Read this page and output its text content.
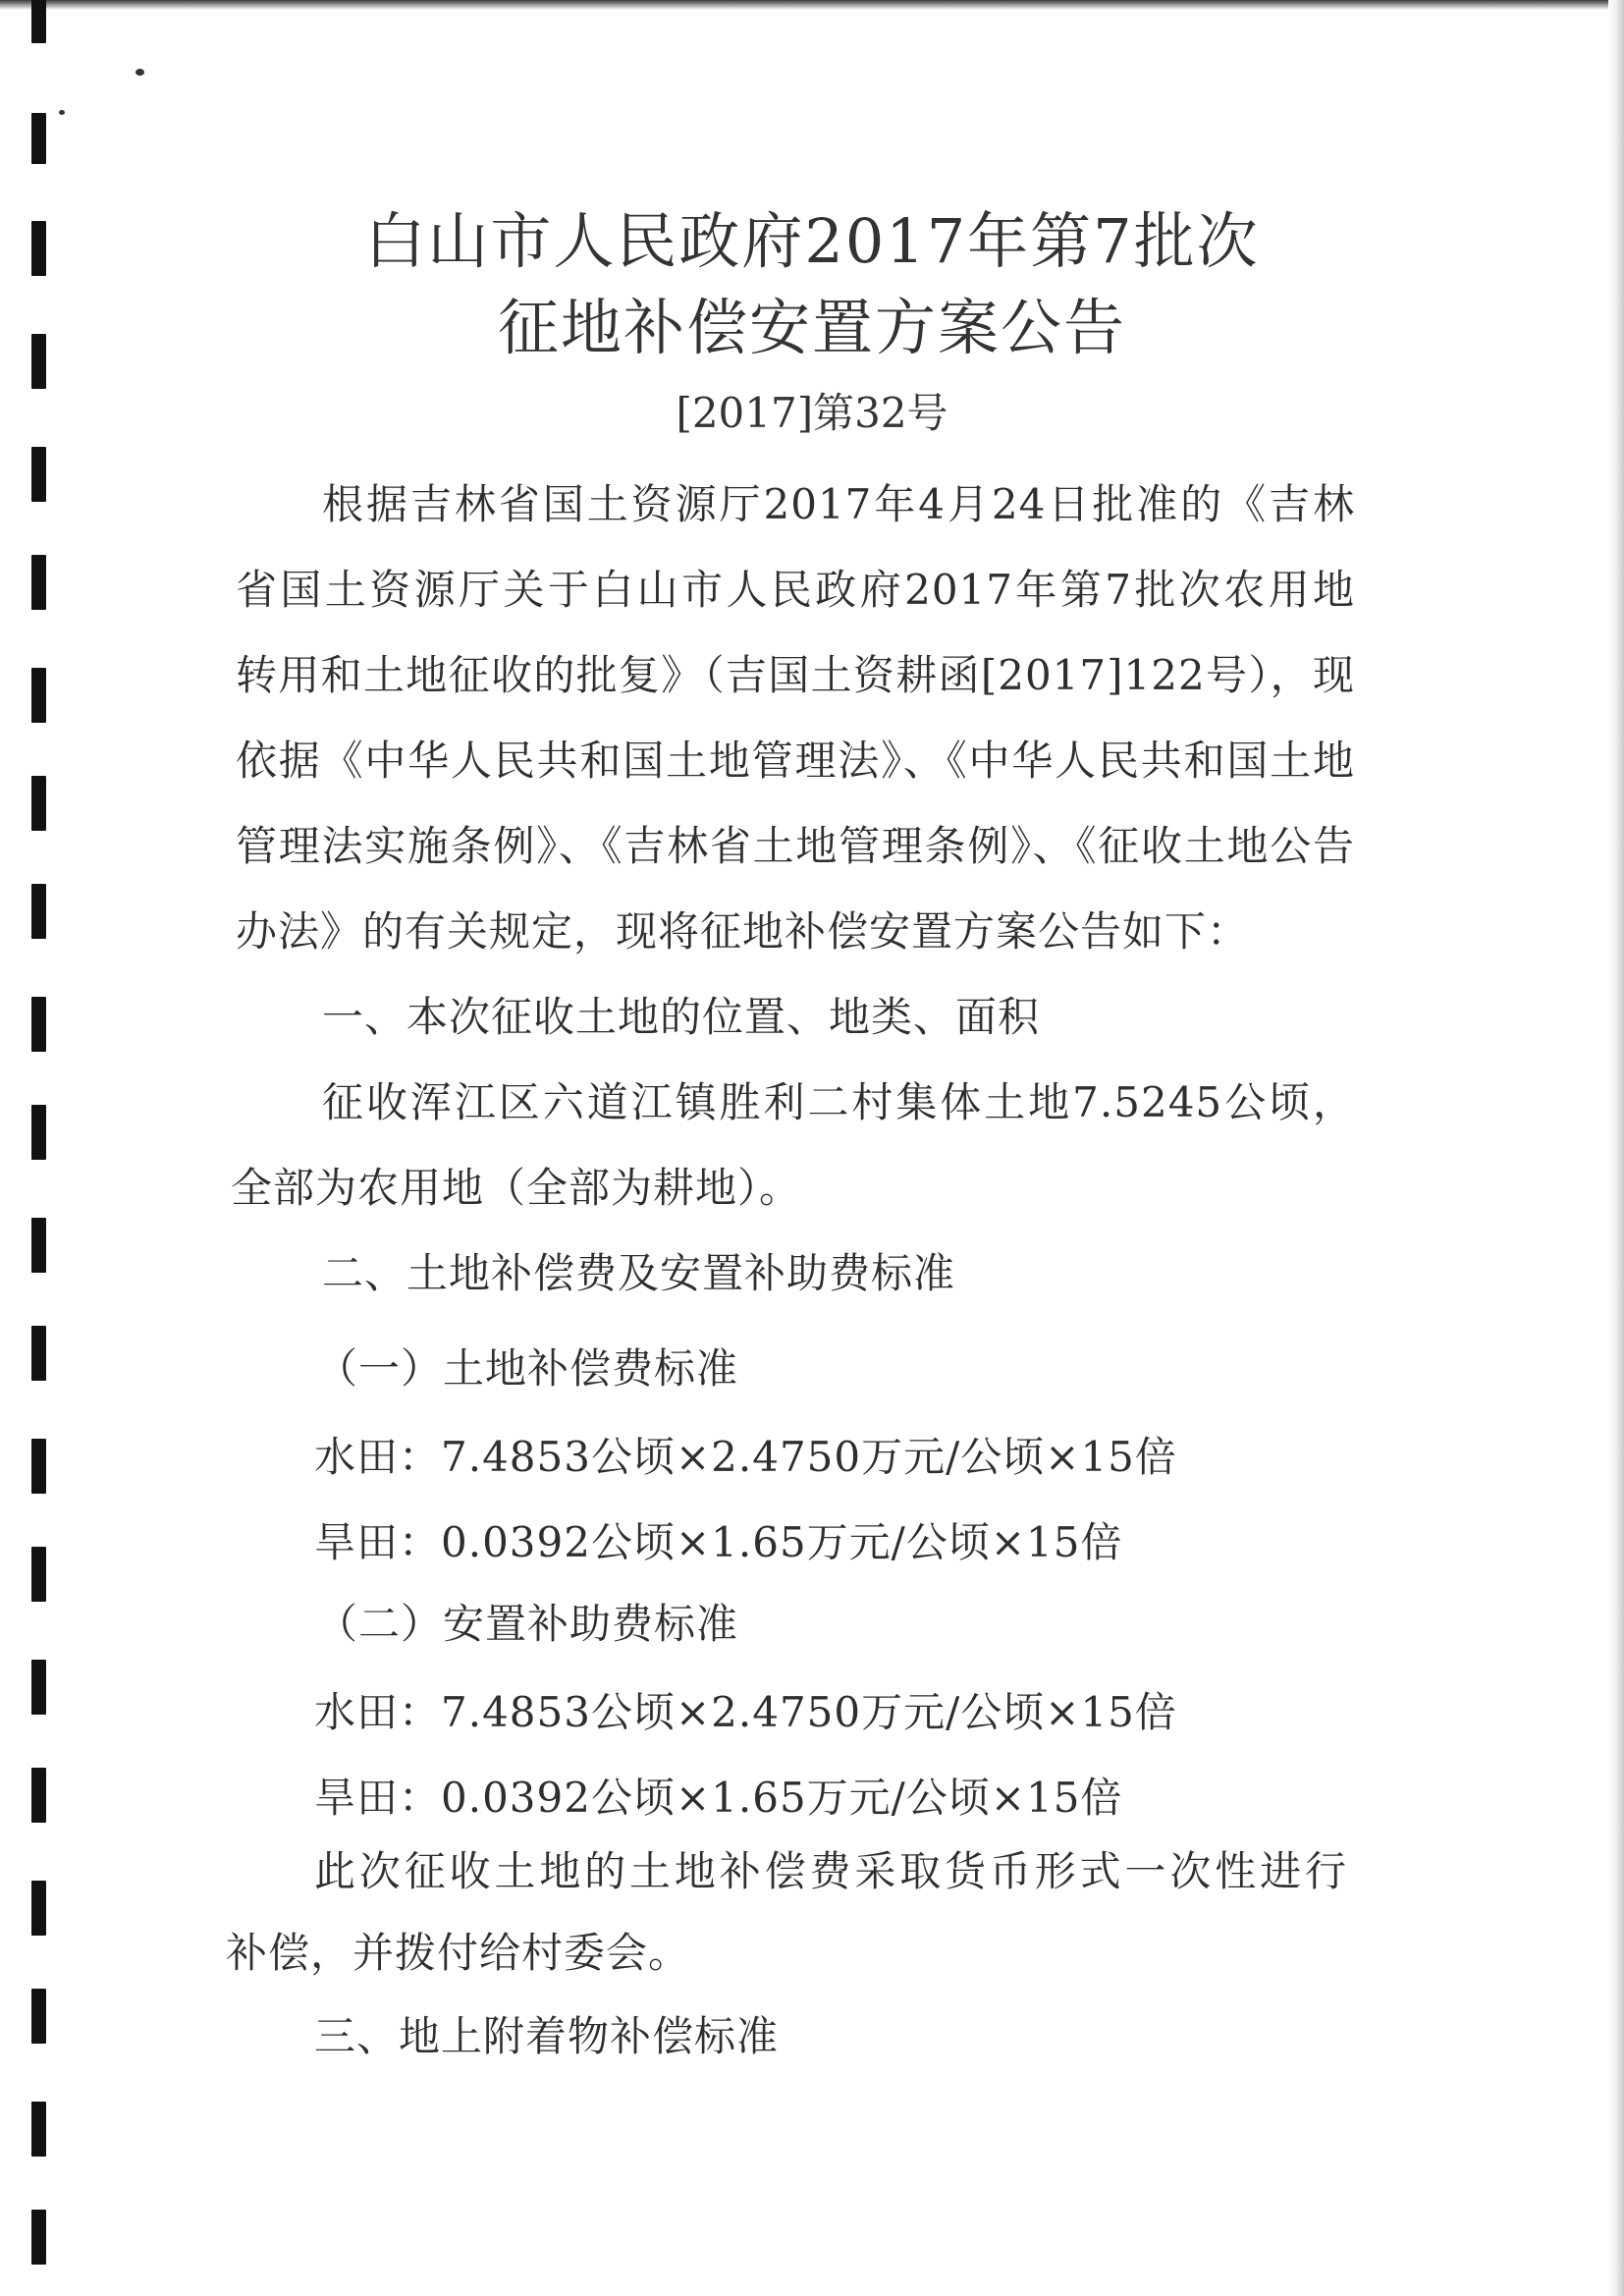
白山市人民政府2017年第7批次
征地补偿安置方案公告
[2017]第32号
根据吉林省国土资源厅2017年4月24日批准的《吉林
省国土资源厅关于白山市人民政府2017年第7批次农用地
转用和土地征收的批复》（吉国土资耕函[2017]122号），现
依据《中华人民共和国土地管理法》、《中华人民共和国土地
管理法实施条例》、《吉林省土地管理条例》、《征收土地公告
办法》的有关规定，现将征地补偿安置方案公告如下：
一、本次征收土地的位置、地类、面积
征收浑江区六道江镇胜利二村集体土地7.5245公顷，
全部为农用地（全部为耕地）。
二、土地补偿费及安置补助费标准
（一）土地补偿费标准
水田：7.4853公顷×2.4750万元/公顷×15倍
旱田：0.0392公顷×1.65万元/公顷×15倍
（二）安置补助费标准
水田：7.4853公顷×2.4750万元/公顷×15倍
旱田：0.0392公顷×1.65万元/公顷×15倍
此次征收土地的土地补偿费采取货币形式一次性进行
补偿，并拨付给村委会。
三、地上附着物补偿标准
